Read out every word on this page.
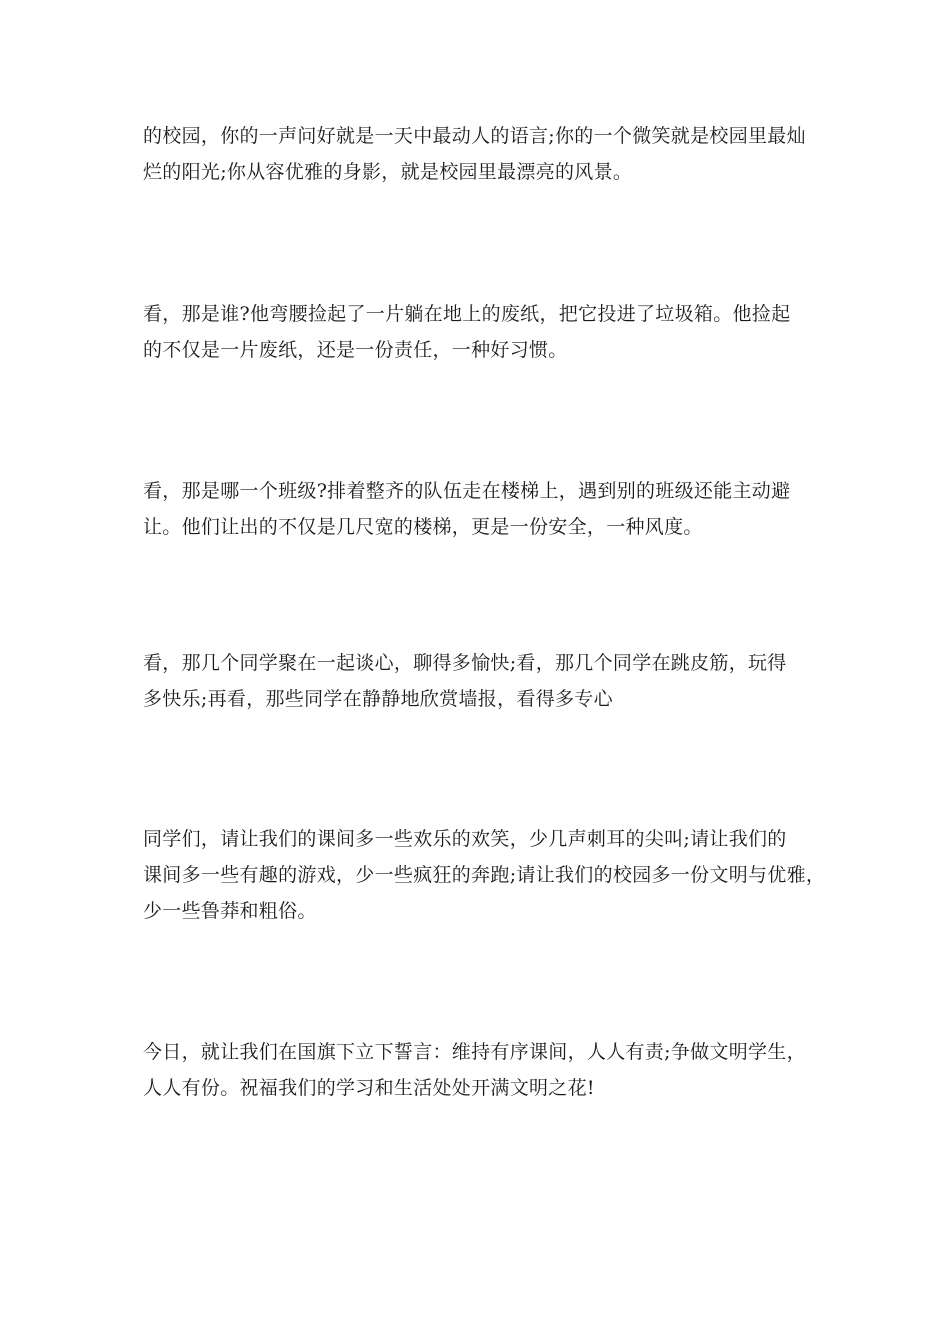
的校园，你的一声问好就是一天中最动人的语言;你的一个微笑就是校园里最灿
烂的阳光;你从容优雅的身影，就是校园里最漂亮的风景。

看，那是谁?他弯腰捡起了一片躺在地上的废纸，把它投进了垃圾箱。他捡起
的不仅是一片废纸，还是一份责任，一种好习惯。

看，那是哪一个班级?排着整齐的队伍走在楼梯上，遇到别的班级还能主动避
让。他们让出的不仅是几尺宽的楼梯，更是一份安全，一种风度。

看，那几个同学聚在一起谈心，聊得多愉快;看，那几个同学在跳皮筋，玩得
多快乐;再看，那些同学在静静地欣赏墙报，看得多专心

同学们，请让我们的课间多一些欢乐的欢笑，少几声刺耳的尖叫;请让我们的
课间多一些有趣的游戏，少一些疯狂的奔跑;请让我们的校园多一份文明与优雅，
少一些鲁莽和粗俗。

今日，就让我们在国旗下立下誓言：维持有序课间，人人有责;争做文明学生，
人人有份。祝福我们的学习和生活处处开满文明之花!
